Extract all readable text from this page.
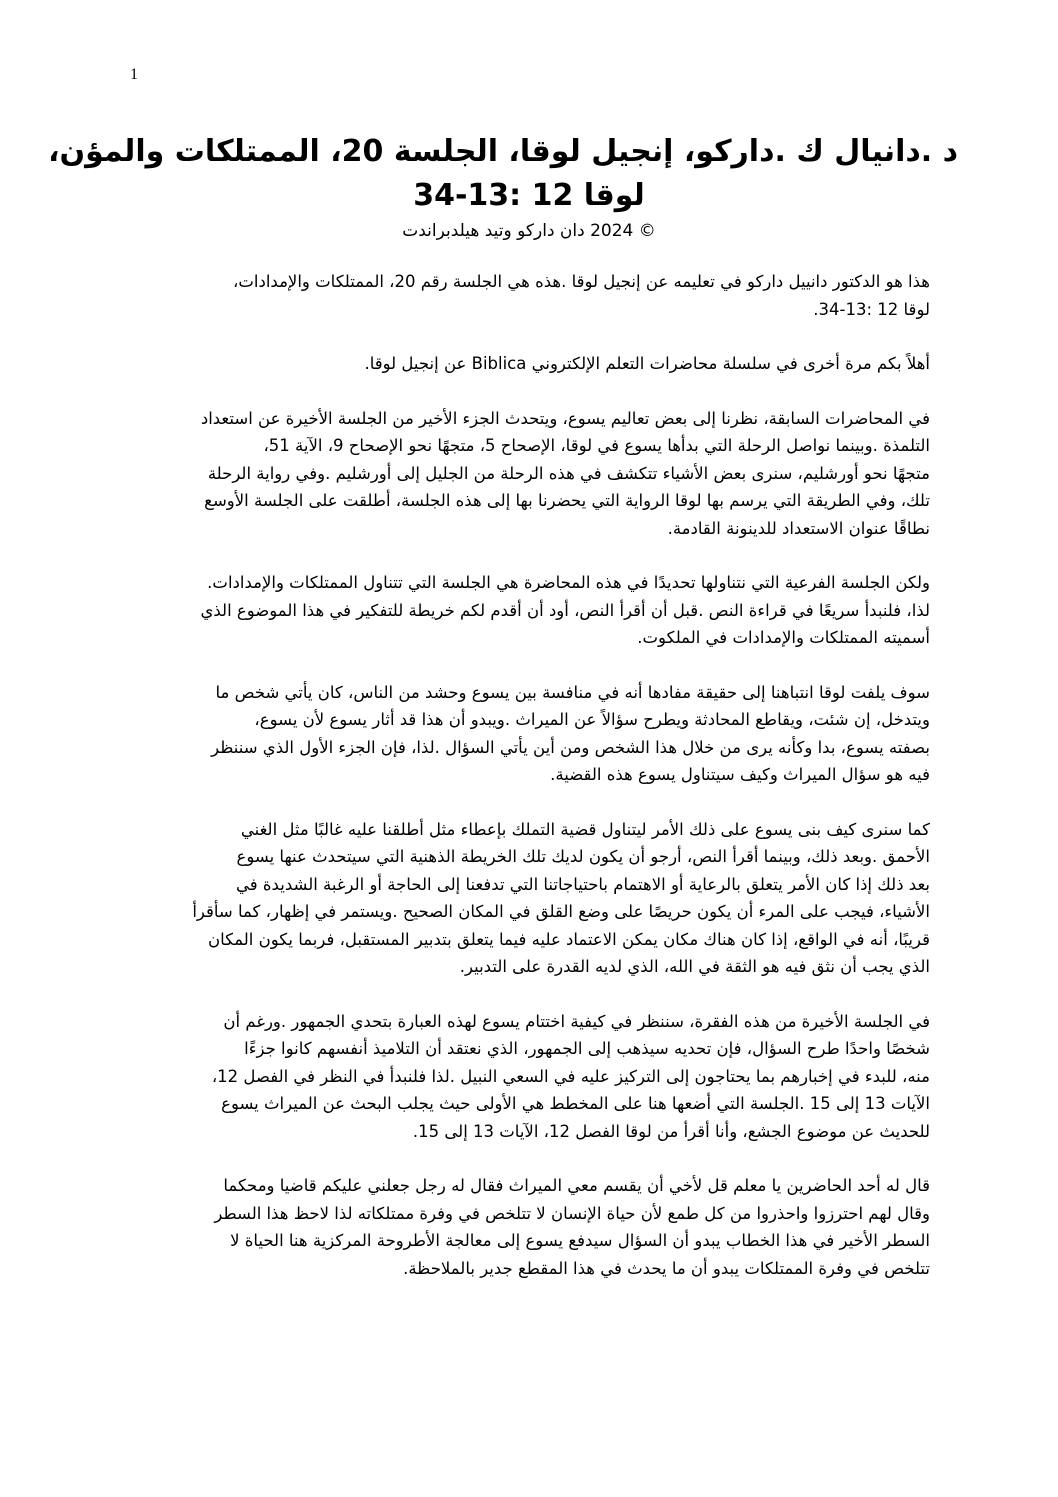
1
د .دانيال ك .داركو، إنجيل لوقا، الجلسة 20، الممتلكات والمؤن،
لوقا 12 :13-34
© 2024 دان داركو وتيد هيلدبراندت

هذا هو الدكتور دانييل داركو في تعليمه عن إنجيل لوقا .هذه هي الجلسة رقم 20، الممتلكات والإمدادات،
لوقا 12 :13-34.

أهلاً بكم مرة أخرى في سلسلة محاضرات التعلم الإلكتروني Biblica عن إنجيل لوقا.

في المحاضرات السابقة، نظرنا إلى بعض تعاليم يسوع، ويتحدث الجزء الأخير من الجلسة الأخيرة عن استعداد
التلمذة .وبينما نواصل الرحلة التي بدأها يسوع في لوقا، الإصحاح 5، متجهًا نحو الإصحاح 9، الآية 51،
متجهًا نحو أورشليم، سنرى بعض الأشياء تتكشف في هذه الرحلة من الجليل إلى أورشليم .وفي رواية الرحلة
تلك، وفي الطريقة التي يرسم بها لوقا الرواية التي يحضرنا بها إلى هذه الجلسة، أطلقت على الجلسة الأوسع
نطاقًا عنوان الاستعداد للدينونة القادمة.

ولكن الجلسة الفرعية التي نتناولها تحديدًا في هذه المحاضرة هي الجلسة التي تتناول الممتلكات والإمدادات.
لذا، فلنبدأ سريعًا في قراءة النص .قبل أن أقرأ النص، أود أن أقدم لكم خريطة للتفكير في هذا الموضوع الذي
أسميته الممتلكات والإمدادات في الملكوت.

سوف يلفت لوقا انتباهنا إلى حقيقة مفادها أنه في منافسة بين يسوع وحشد من الناس، كان يأتي شخص ما
ويتدخل، إن شئت، ويقاطع المحادثة ويطرح سؤالاً عن الميراث .ويبدو أن هذا قد أثار يسوع لأن يسوع،
بصفته يسوع، بدا وكأنه يرى من خلال هذا الشخص ومن أين يأتي السؤال .لذا، فإن الجزء الأول الذي سننظر
فيه هو سؤال الميراث وكيف سيتناول يسوع هذه القضية.

كما سنرى كيف بنى يسوع على ذلك الأمر ليتناول قضية التملك بإعطاء مثل أطلقنا عليه غالبًا مثل الغني
الأحمق .وبعد ذلك، وبينما أقرأ النص، أرجو أن يكون لديك تلك الخريطة الذهنية التي سيتحدث عنها يسوع
بعد ذلك إذا كان الأمر يتعلق بالرعاية أو الاهتمام باحتياجاتنا التي تدفعنا إلى الحاجة أو الرغبة الشديدة في
الأشياء، فيجب على المرء أن يكون حريصًا على وضع القلق في المكان الصحيح .ويستمر في إظهار، كما سأقرأ
قريبًا، أنه في الواقع، إذا كان هناك مكان يمكن الاعتماد عليه فيما يتعلق بتدبير المستقبل، فربما يكون المكان
الذي يجب أن نثق فيه هو الثقة في الله، الذي لديه القدرة على التدبير.

في الجلسة الأخيرة من هذه الفقرة، سننظر في كيفية اختتام يسوع لهذه العبارة بتحدي الجمهور .ورغم أن
شخصًا واحدًا طرح السؤال، فإن تحديه سيذهب إلى الجمهور، الذي نعتقد أن التلاميذ أنفسهم كانوا جزءًا
منه، للبدء في إخبارهم بما يحتاجون إلى التركيز عليه في السعي النبيل .لذا فلنبدأ في النظر في الفصل 12،
الآيات 13 إلى 15 .الجلسة التي أضعها هنا على المخطط هي الأولى حيث يجلب البحث عن الميراث يسوع
للحديث عن موضوع الجشع، وأنا أقرأ من لوقا الفصل 12، الآيات 13 إلى 15.

قال له أحد الحاضرين يا معلم قل لأخي أن يقسم معي الميراث فقال له رجل جعلني عليكم قاضيا ومحكما
وقال لهم احترزوا واحذروا من كل طمع لأن حياة الإنسان لا تتلخص في وفرة ممتلكاته لذا لاحظ هذا السطر
السطر الأخير في هذا الخطاب يبدو أن السؤال سيدفع يسوع إلى معالجة الأطروحة المركزية هنا الحياة لا
تتلخص في وفرة الممتلكات يبدو أن ما يحدث في هذا المقطع جدير بالملاحظة.
